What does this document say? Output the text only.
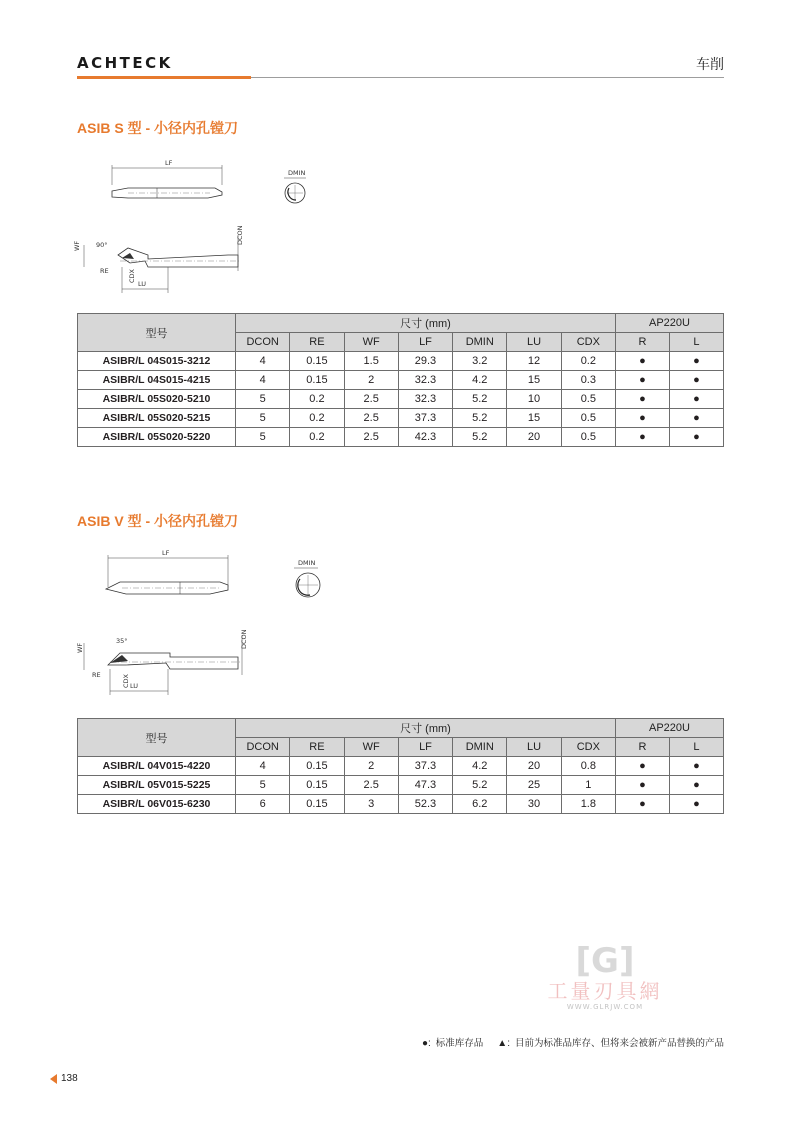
ACHTECK	车削
ASIB S 型 - 小径内孔镗刀
LF
DMIN
WF 90°
RE	CDX
LU
DCON
型号	尺寸 (mm)							AP220U	
	DCON	RE	WF	LF	DMIN	LU	CDX	R	L
ASIBR/L 04S015-3212	4	0.15	1.5	29.3	3.2	12	0.2	●	●
ASIBR/L 04S015-4215	4	0.15	2	32.3	4.2	15	0.3	●	●
ASIBR/L 05S020-5210	5	0.2	2.5	32.3	5.2	10	0.5	●	●
ASIBR/L 05S020-5215	5	0.2	2.5	37.3	5.2	15	0.5	●	●
ASIBR/L 05S020-5220	5	0.2	2.5	42.3	5.2	20	0.5	●	●
ASIB V 型 - 小径内孔镗刀
LF
DMIN
WF
35°
RE	CDX LU
DCON
型号	尺寸 (mm)							AP220U	
	DCON	RE	WF	LF	DMIN	LU	CDX	R	L
ASIBR/L 04V015-4220	4	0.15	2	37.3	4.2	20	0.8	●	●
ASIBR/L 05V015-5225	5	0.15	2.5	47.3	5.2	25	1	●	●
ASIBR/L 06V015-6230	6	0.15	3	52.3	6.2	30	1.8	●	●
[G]
工量刃具網
WWW.GLRJW.COM
●: 标准库存品 ▲: 目前为标准品库存、但将来会被新产品替换的产品
138
